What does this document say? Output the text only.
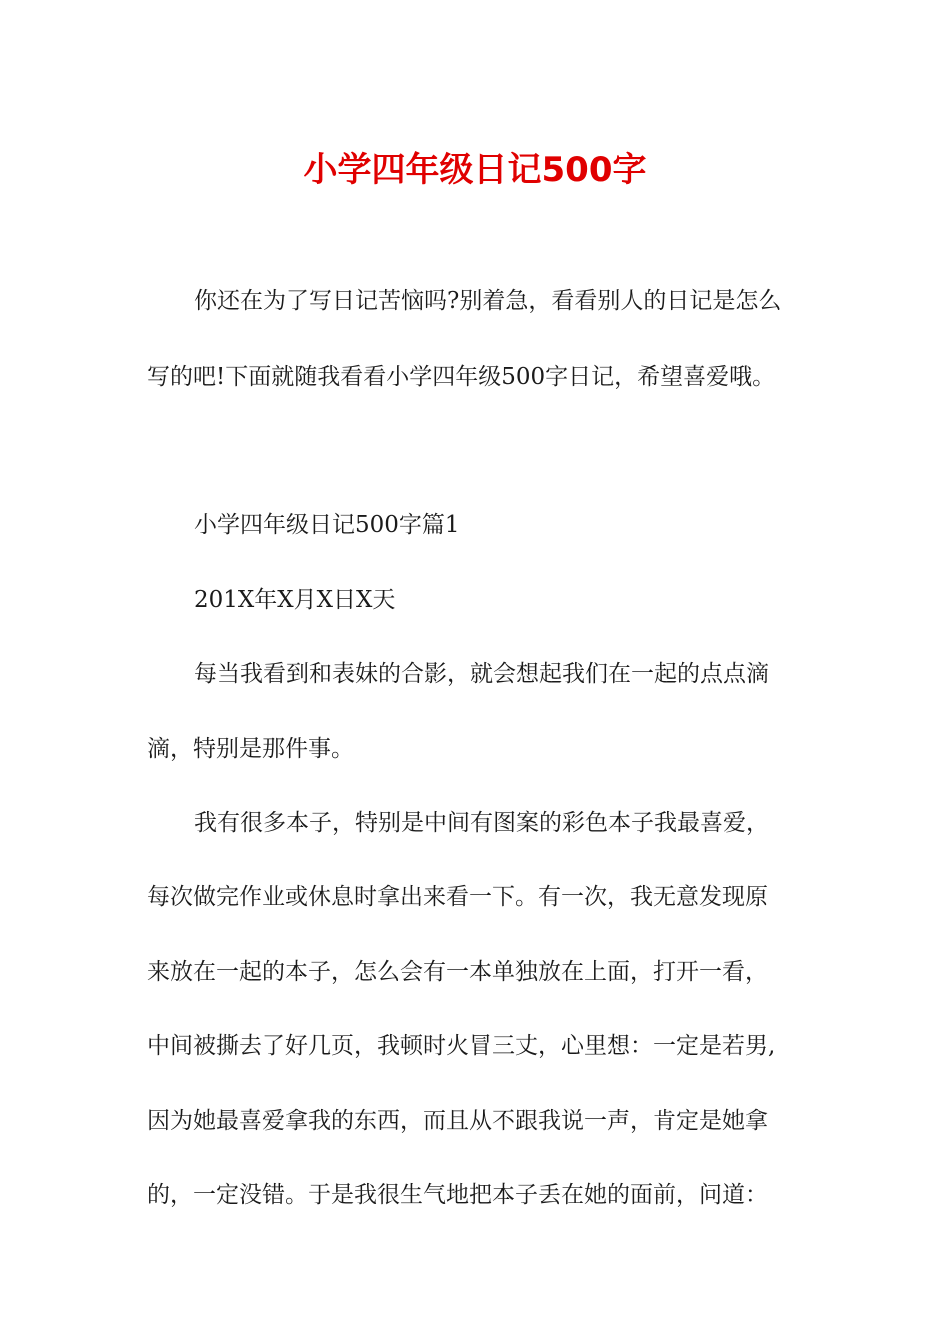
小学四年级日记500字

你还在为了写日记苦恼吗?别着急，看看别人的日记是怎么

写的吧!下面就随我看看小学四年级500字日记，希望喜爱哦。

小学四年级日记500字篇1

201X年X月X日X天

每当我看到和表妹的合影，就会想起我们在一起的点点滴

滴，特别是那件事。

我有很多本子，特别是中间有图案的彩色本子我最喜爱，

每次做完作业或休息时拿出来看一下。有一次，我无意发现原

来放在一起的本子，怎么会有一本单独放在上面，打开一看，

中间被撕去了好几页，我顿时火冒三丈，心里想：一定是若男,

因为她最喜爱拿我的东西，而且从不跟我说一声，肯定是她拿

的，一定没错。于是我很生气地把本子丢在她的面前，问道：
